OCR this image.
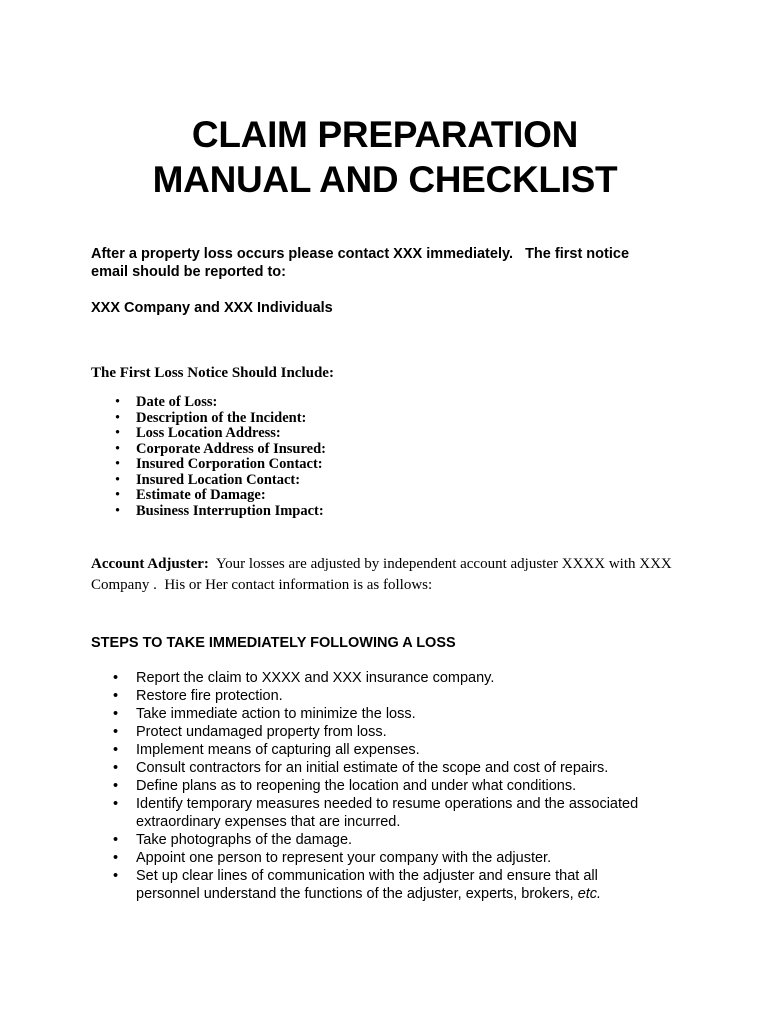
CLAIM PREPARATION
MANUAL AND CHECKLIST
After a property loss occurs please contact XXX immediately.   The first notice
email should be reported to:
XXX Company and XXX Individuals
The First Loss Notice Should Include:
• Date of Loss:
• Description of the Incident:
• Loss Location Address:
• Corporate Address of Insured:
• Insured Corporation Contact:
• Insured Location Contact:
• Estimate of Damage:
• Business Interruption Impact:
Account Adjuster:  Your losses are adjusted by independent account adjuster XXXX with XXX
Company .  His or Her contact information is as follows:
STEPS TO TAKE IMMEDIATELY FOLLOWING A LOSS
• Report the claim to XXXX and XXX insurance company.
• Restore fire protection.
• Take immediate action to minimize the loss.
• Protect undamaged property from loss.
• Implement means of capturing all expenses.
• Consult contractors for an initial estimate of the scope and cost of repairs.
• Define plans as to reopening the location and under what conditions.
• Identify temporary measures needed to resume operations and the associated extraordinary expenses that are incurred.
• Take photographs of the damage.
• Appoint one person to represent your company with the adjuster.
• Set up clear lines of communication with the adjuster and ensure that all personnel understand the functions of the adjuster, experts, brokers, etc.
